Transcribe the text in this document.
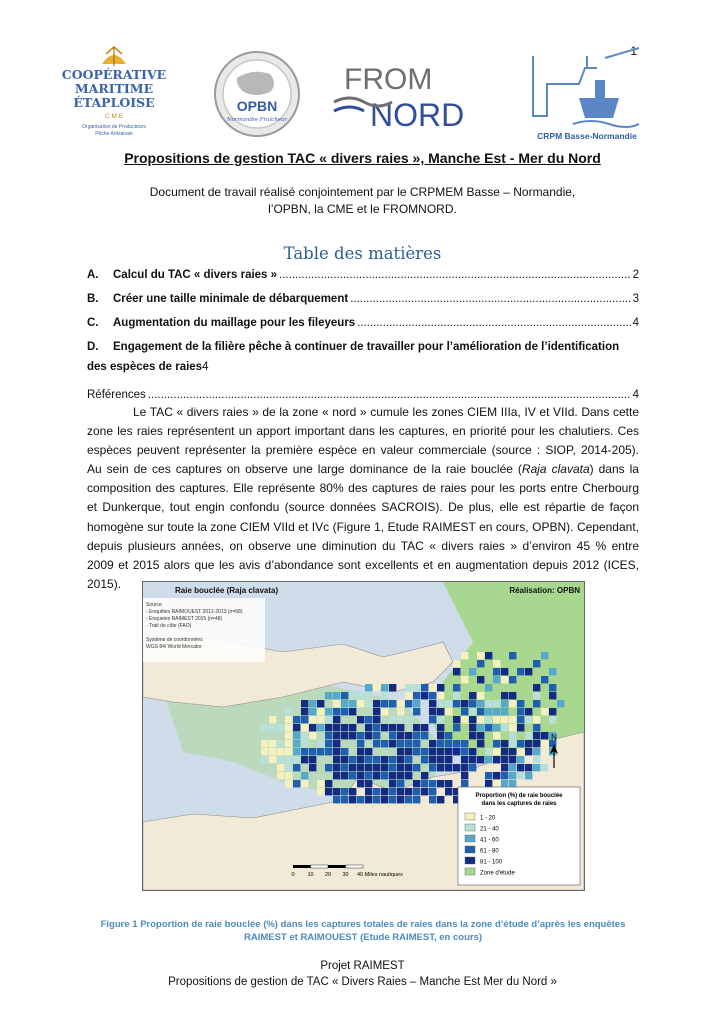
1
COOPÉRATIVE
MARITIME
ÉTAPLOISE
C M E
Organisation de Producteurs
Pêche Artisanale
OPBN
Normandie Fraîcheur
FROM
NORD
CRPM Basse-Normandie
Propositions de gestion TAC « divers raies », Manche Est - Mer du Nord
Document de travail réalisé conjointement par le CRPMEM Basse – Normandie,
l’OPBN, la CME et le FROMNORD.
Table des matières
A.	Calcul du TAC « divers raies » .....	2
B.	Créer une taille minimale de débarquement .....	3
C.	Augmentation du maillage pour les fileyeurs .....	4
D.	Engagement de la filière pêche à continuer de travailler pour l’amélioration de l’identification
des espèces de raies 4
Références .....	4
Le TAC « divers raies » de la zone « nord » cumule les zones CIEM IIIa, IV et VIId. Dans cette
zone les raies représentent un apport important dans les captures, en priorité pour les chalutiers. Ces
espèces peuvent représenter la première espèce en valeur commerciale (source : SIOP, 2014-205).
Au sein de ces captures on observe une large dominance de la raie bouclée (Raja clavata) dans la
composition des captures. Elle représente 80% des captures de raies pour les ports entre Cherbourg
et Dunkerque, tout engin confondu (source données SACROIS). De plus, elle est répartie de façon
homogène sur toute la zone CIEM VIId et IVc (Figure 1, Etude RAIMEST en cours, OPBN). Cependant,
depuis plusieurs années, on observe une diminution du TAC « divers raies » d’environ 45 % entre
2009 et 2015 alors que les avis d’abondance sont excellents et en augmentation depuis 2012 (ICES,
2015).
Source - Enquêtes RAIMOUEST 2012-2013 (n=68) - Enquetes RAIMEST 2015 (n=48) - Trait de côte (FAO) Système de coordonnées WGS 84/ World Mercator
N
Proportion (%) de raie bouclée
dans les captures de raies
1 - 20
21 - 40
41 - 60
61 - 80
81 - 100
Zone d'étude
0 10 20 30 40 Miles nautiques
Raie bouclée (Raja clavata)	Réalisation: OPBN
Figure 1 Proportion de raie bouclée (%) dans les captures totales de raies dans la zone d’étude d’après les enquêtes
RAIMEST et RAIMOUEST (Etude RAIMEST, en cours)
Projet RAIMEST
Propositions de gestion de TAC « Divers Raies – Manche Est Mer du Nord »
